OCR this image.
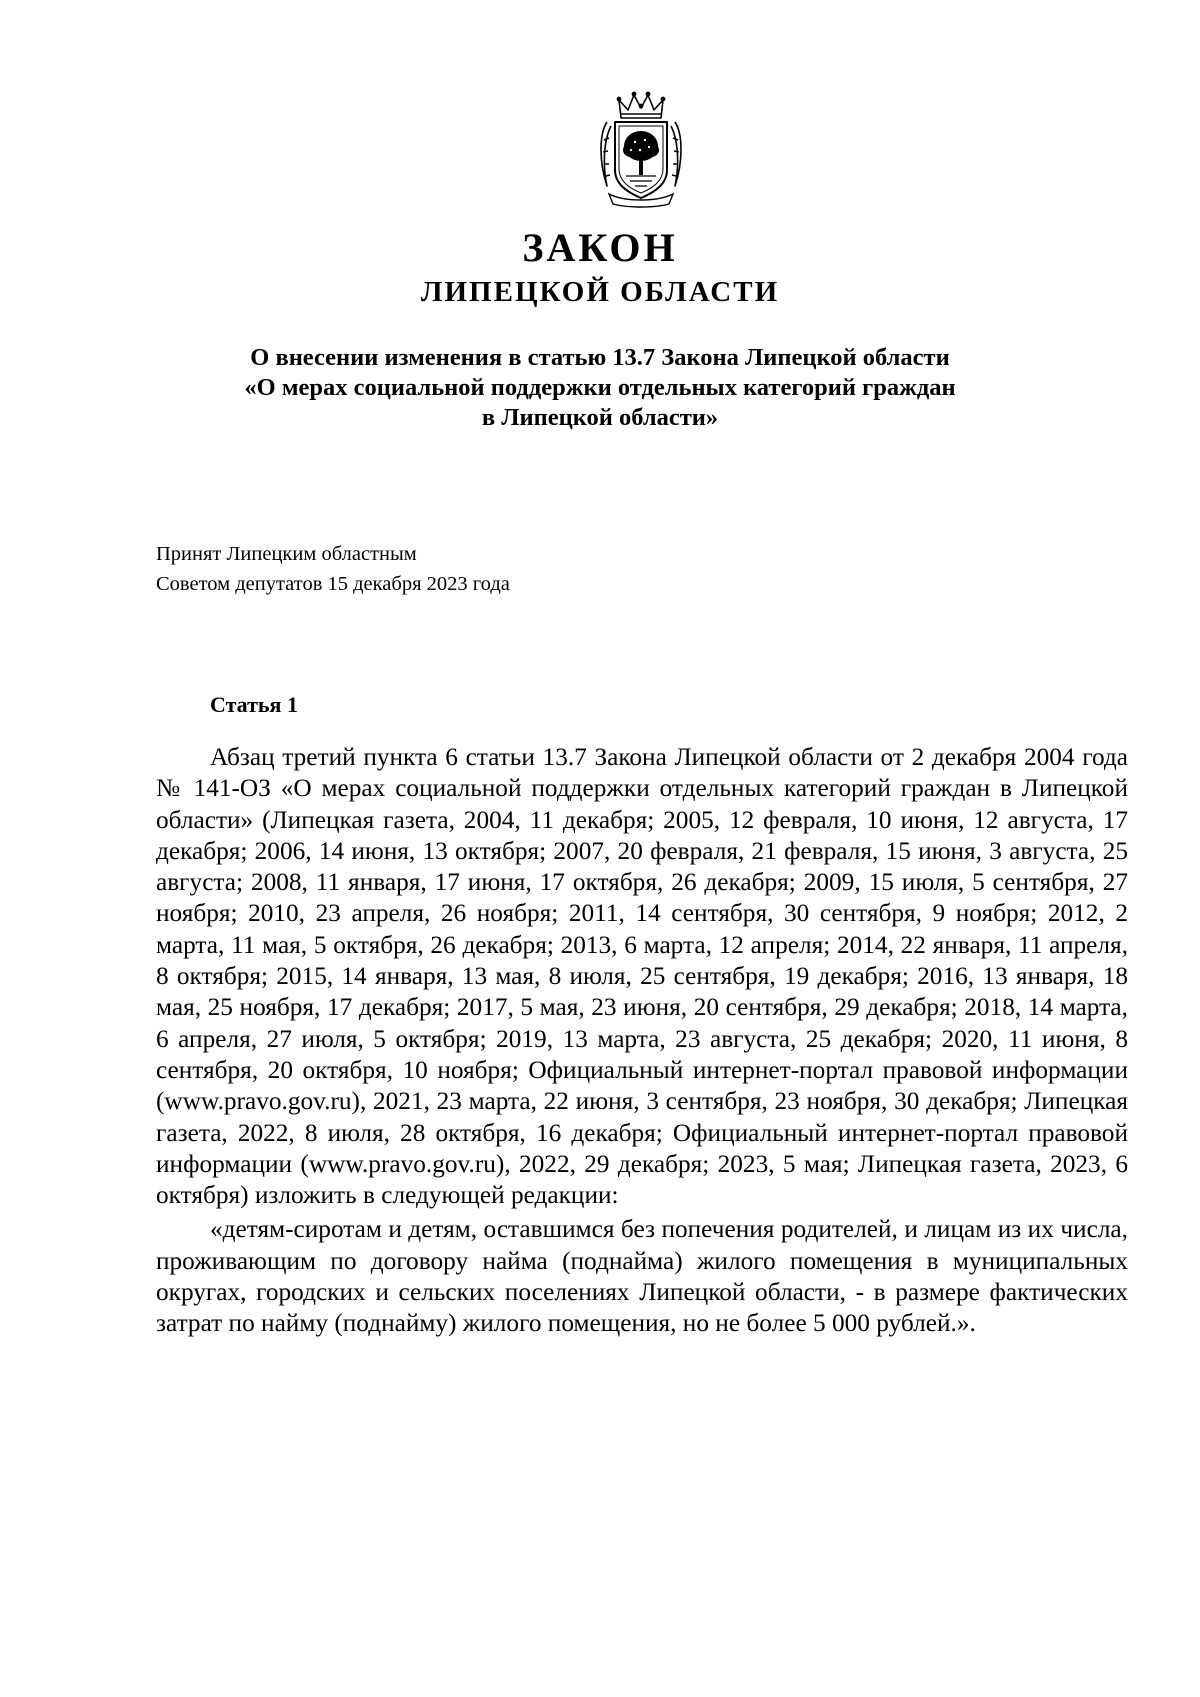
ЗАКОН
ЛИПЕЦКОЙ ОБЛАСТИ
О внесении изменения в статью 13.7 Закона Липецкой области
«О мерах социальной поддержки отдельных категорий граждан
в Липецкой области»
Принят Липецким областным
Советом депутатов 15 декабря 2023 года
Статья 1

Абзац третий пункта 6 статьи 13.7 Закона Липецкой области от 2 декабря 2004 года № 141-ОЗ «О мерах социальной поддержки отдельных категорий граждан в Липецкой области» (Липецкая газета, 2004, 11 декабря; 2005, 12 февраля, 10 июня, 12 августа, 17 декабря; 2006, 14 июня, 13 октября; 2007, 20 февраля, 21 февраля, 15 июня, 3 августа, 25 августа; 2008, 11 января, 17 июня, 17 октября, 26 декабря; 2009, 15 июля, 5 сентября, 27 ноября; 2010, 23 апреля, 26 ноября; 2011, 14 сентября, 30 сентября, 9 ноября; 2012, 2 марта, 11 мая, 5 октября, 26 декабря; 2013, 6 марта, 12 апреля; 2014, 22 января, 11 апреля, 8 октября; 2015, 14 января, 13 мая, 8 июля, 25 сентября, 19 декабря; 2016, 13 января, 18 мая, 25 ноября, 17 декабря; 2017, 5 мая, 23 июня, 20 сентября, 29 декабря; 2018, 14 марта, 6 апреля, 27 июля, 5 октября; 2019, 13 марта, 23 августа, 25 декабря; 2020, 11 июня, 8 сентября, 20 октября, 10 ноября; Официальный интернет-портал правовой информации (www.pravo.gov.ru), 2021, 23 марта, 22 июня, 3 сентября, 23 ноября, 30 декабря; Липецкая газета, 2022, 8 июля, 28 октября, 16 декабря; Официальный интернет-портал правовой информации (www.pravo.gov.ru), 2022, 29 декабря; 2023, 5 мая; Липецкая газета, 2023, 6 октября) изложить в следующей редакции:

«детям-сиротам и детям, оставшимся без попечения родителей, и лицам из их числа, проживающим по договору найма (поднайма) жилого помещения в муниципальных округах, городских и сельских поселениях Липецкой области, - в размере фактических затрат по найму (поднайму) жилого помещения, но не более 5 000 рублей.».
